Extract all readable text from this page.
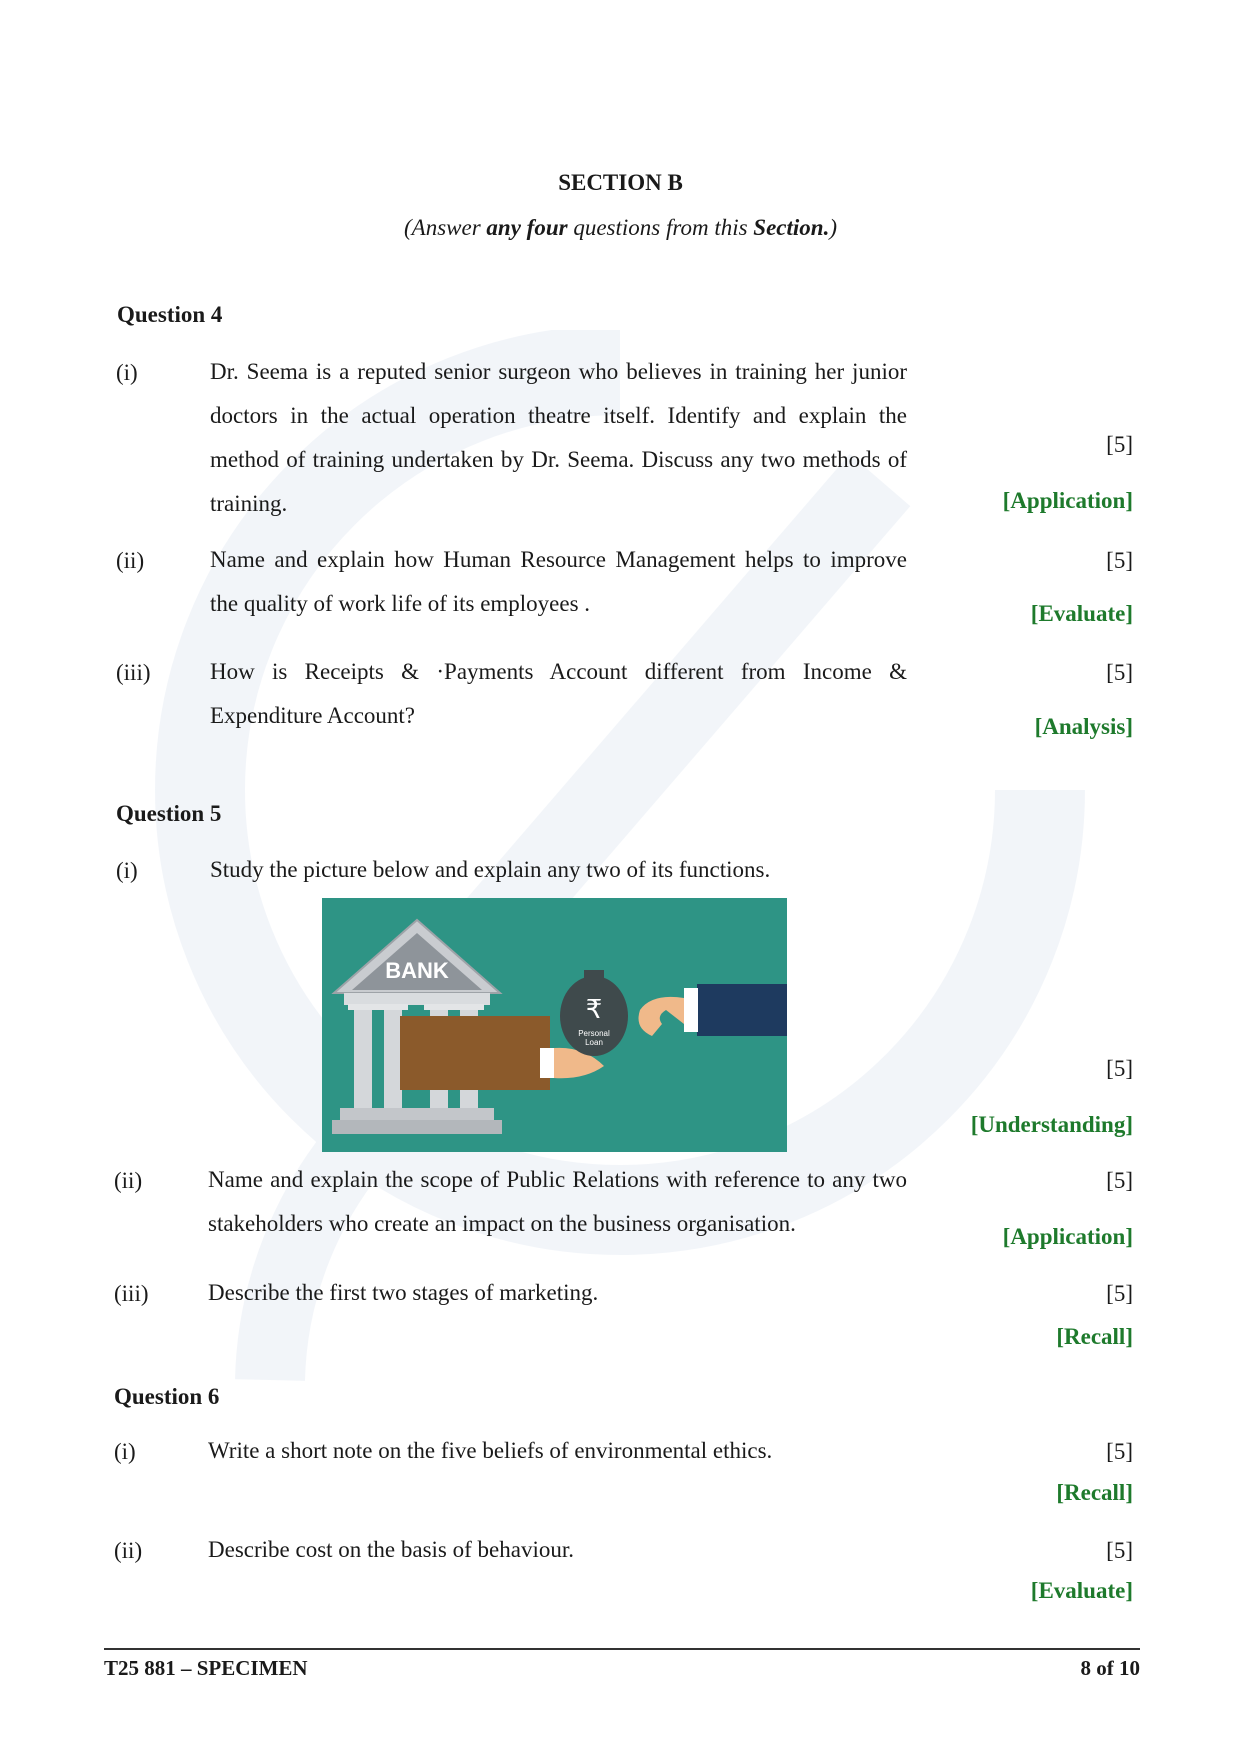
SECTION B
(Answer any four questions from this Section.)
Question 4
(i)	Dr. Seema is a reputed senior surgeon who believes in training her junior doctors in the actual operation theatre itself. Identify and explain the method of training undertaken by Dr. Seema. Discuss any two methods of training.
[5]
[Application]
(ii)	Name and explain how Human Resource Management helps to improve the quality of work life of its employees .
[5]
[Evaluate]
(iii)	How is Receipts & ·Payments Account different from Income & Expenditure Account?
[5]
[Analysis]
Question 5
(i)	Study the picture below and explain any two of its functions.
BANK
₹
Personal
Loan
[5]
[Understanding]
(ii)	Name and explain the scope of Public Relations with reference to any two stakeholders who create an impact on the business organisation.
[5]
[Application]
(iii)	Describe the first two stages of marketing.	[5]
[Recall]
Question 6
(i)	Write a short note on the five beliefs of environmental ethics.	[5]
[Recall]
(ii)	Describe cost on the basis of behaviour.	[5]
[Evaluate]
T25 881 – SPECIMEN	8 of 10
